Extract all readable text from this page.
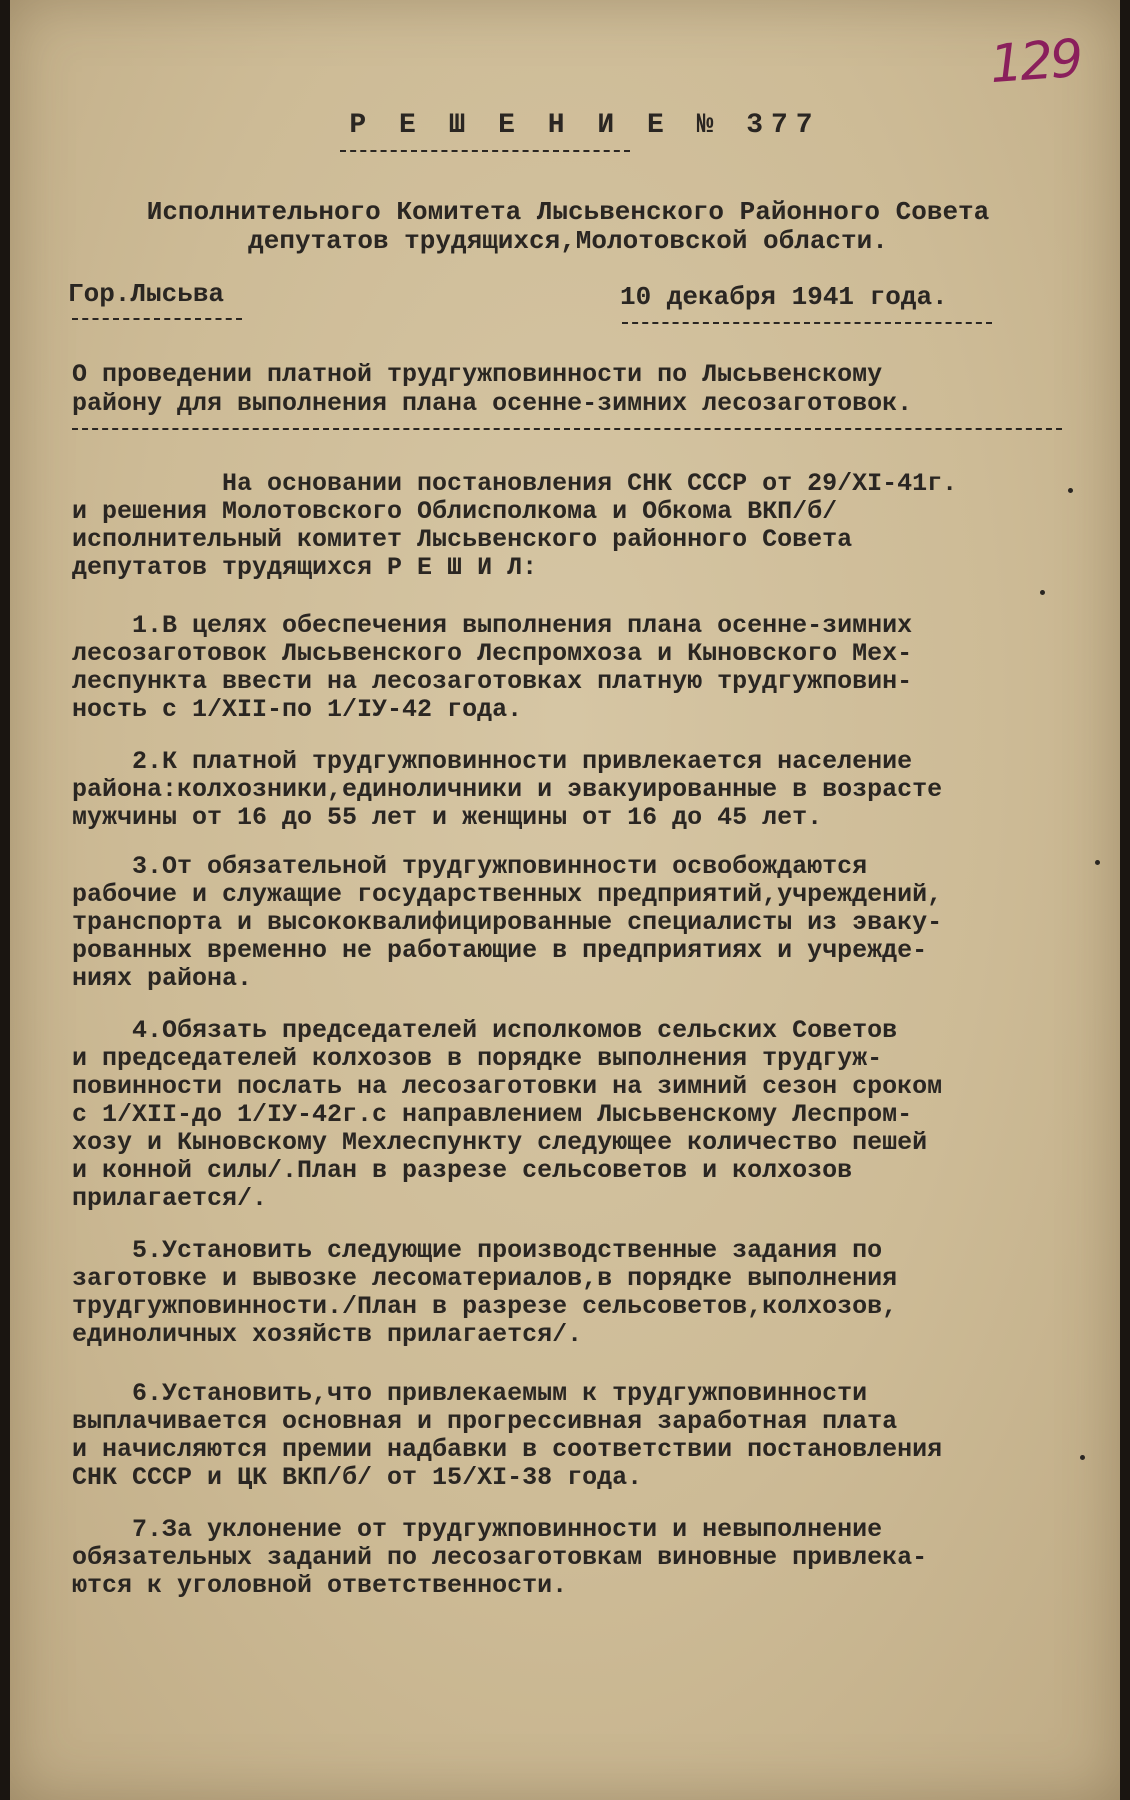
129
Р Е Ш Е Н И Е № 377
Исполнительного Комитета Лысьвенского Районного Совета
депутатов трудящихся,Молотовской области.
Гор.Лысьва	10 декабря 1941 года.
О проведении платной трудгужповинности по Лысьвенскому
району для выполнения плана осенне-зимних лесозаготовок.
На основании постановления СНК СССР от 29/XI-41г.
и решения Молотовского Облисполкома и Обкома ВКП/б/
исполнительный комитет Лысьвенского районного Совета
депутатов трудящихся Р Е Ш И Л:
1.В целях обеспечения выполнения плана осенне-зимних
лесозаготовок Лысьвенского Леспромхоза и Кыновского Мех-
леспункта ввести на лесозаготовках платную трудгужповин-
ность с 1/XII-по 1/IУ-42 года.
2.К платной трудгужповинности привлекается население
района:колхозники,единоличники и эвакуированные в возрасте
мужчины от 16 до 55 лет и женщины от 16 до 45 лет.
3.От обязательной трудгужповинности освобождаются
рабочие и служащие государственных предприятий,учреждений,
транспорта и высококвалифицированные специалисты из эваку-
рованных временно не работающие в предприятиях и учрежде-
ниях района.
4.Обязать председателей исполкомов сельских Советов
и председателей колхозов в порядке выполнения трудгуж-
повинности послать на лесозаготовки на зимний сезон сроком
с 1/XII-до 1/IУ-42г.с направлением Лысьвенскому Леспром-
хозу и Кыновскому Мехлеспункту следующее количество пешей
и конной силы/.План в разрезе сельсоветов и колхозов
прилагается/.
5.Установить следующие производственные задания по
заготовке и вывозке лесоматериалов,в порядке выполнения
трудгужповинности./План в разрезе сельсоветов,колхозов,
единоличных хозяйств прилагается/.
6.Установить,что привлекаемым к трудгужповинности
выплачивается основная и прогрессивная заработная плата
и начисляются премии надбавки в соответствии постановления
СНК СССР и ЦК ВКП/б/ от 15/XI-38 года.
7.За уклонение от трудгужповинности и невыполнение
обязательных заданий по лесозаготовкам виновные привлека-
ются к уголовной ответственности.
